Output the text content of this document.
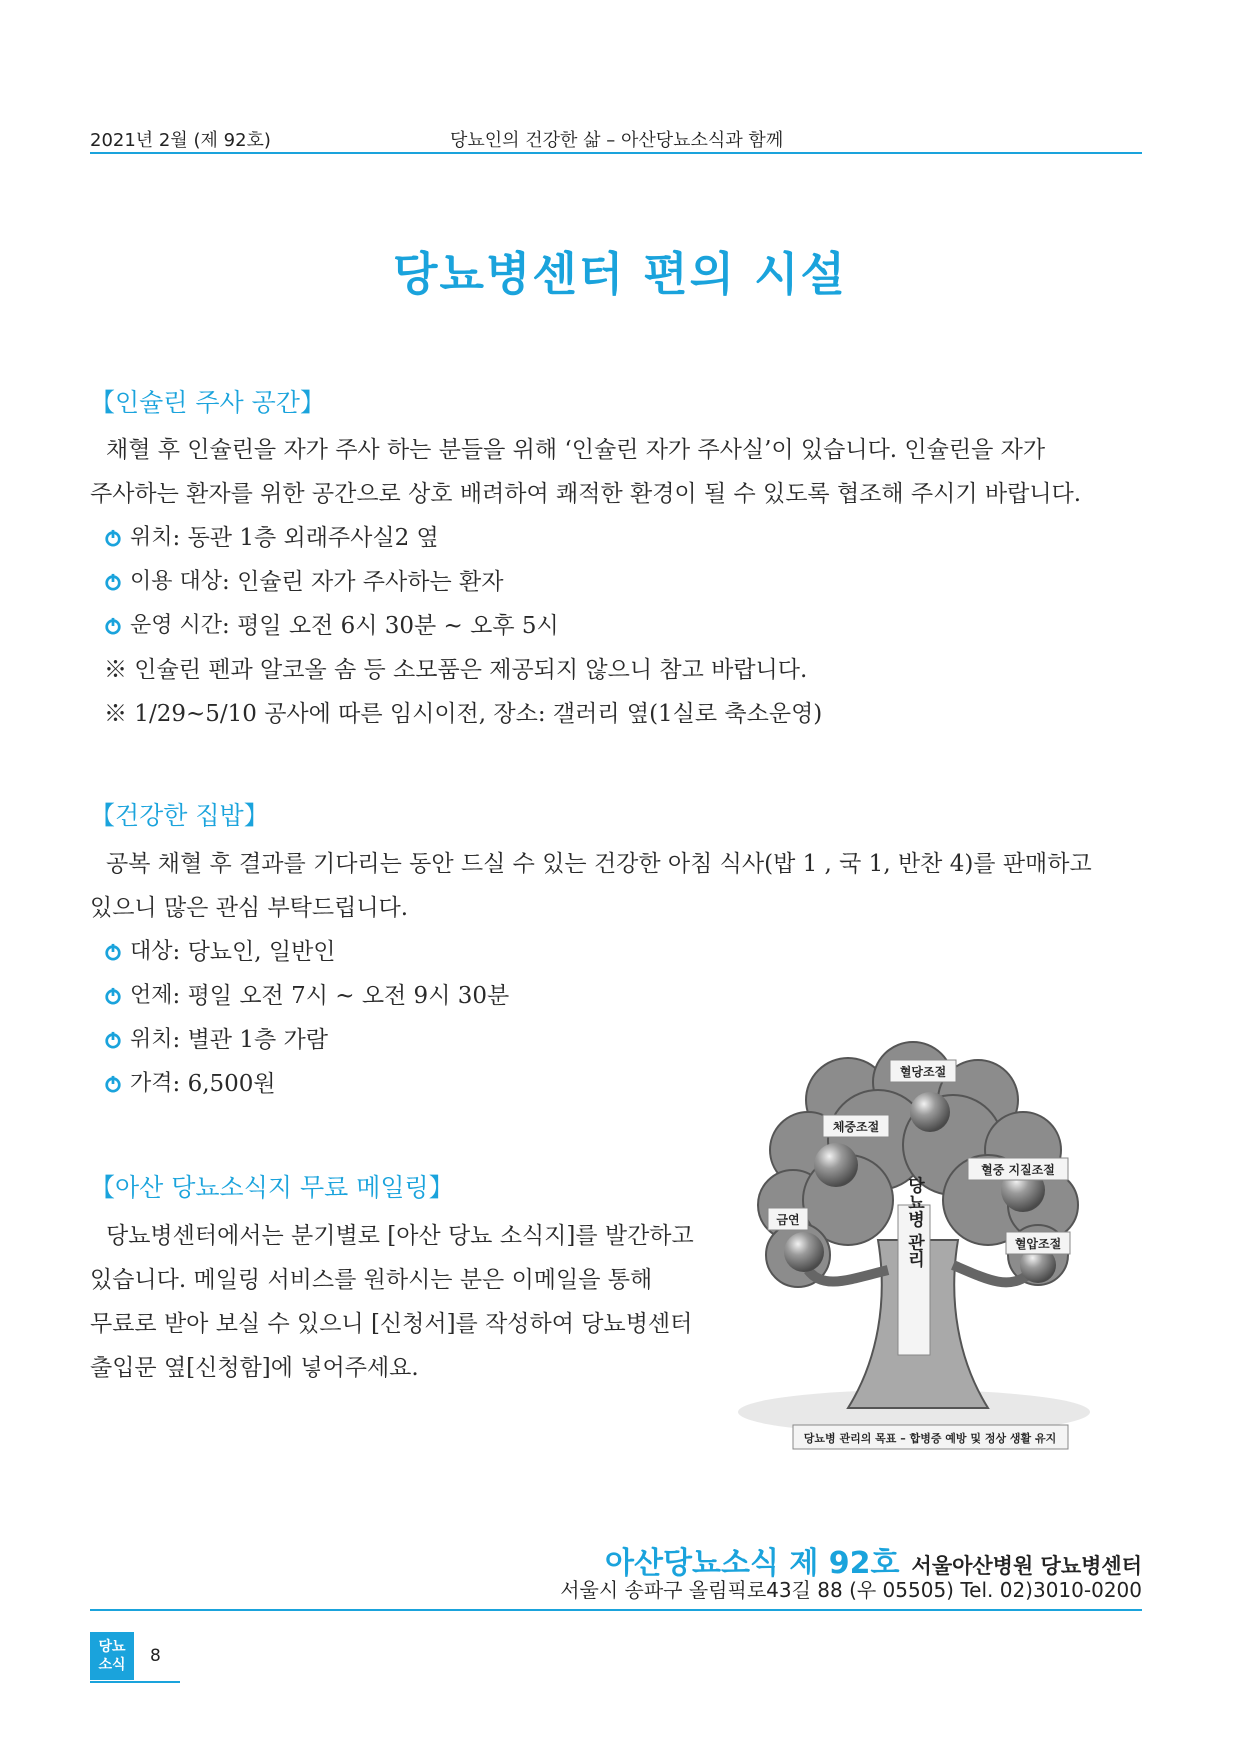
2021년 2월 (제 92호)	당뇨인의 건강한 삶 – 아산당뇨소식과 함께
당뇨병센터 편의 시설
【인슐린 주사 공간】

채혈 후 인슐린을 자가 주사 하는 분들을 위해 ‘인슐린 자가 주사실’이 있습니다. 인슐린을 자가

주사하는 환자를 위한 공간으로 상호 배려하여 쾌적한 환경이 될 수 있도록 협조해 주시기 바랍니다.

위치 : 동관 1층 외래주사실2 옆
이용 대상 : 인슐린 자가 주사하는 환자
운영 시간 : 평일 오전 6시 30분 ~ 오후 5시
※ 인슐린 펜과 알코올 솜 등 소모품은 제공되지 않으니 참고 바랍니다.
※ 1/29~5/10 공사에 따른 임시이전, 장소: 갤러리 옆(1실로 축소운영)
【건강한 집밥】

공복 채혈 후 결과를 기다리는 동안 드실 수 있는 건강한 아침 식사(밥 1 , 국 1, 반찬 4)를 판매하고

있으니 많은 관심 부탁드립니다.

대상 : 당뇨인, 일반인
언제 : 평일 오전 7시 ~ 오전 9시 30분
위치 : 별관 1층 가람
가격 : 6,500원
【아산 당뇨소식지 무료 메일링】

당뇨병센터에서는 분기별로 [아산 당뇨 소식지]를 발간하고

있습니다. 메일링 서비스를 원하시는 분은 이메일을 통해

무료로 받아 보실 수 있으니 [신청서]를 작성하여 당뇨병센터

출입문 옆[신청함]에 넣어주세요.

혈당조절
체중조절
혈중 지질조절
금연
혈압조절
당뇨병 관리
당뇨병 관리의 목표 – 합병증 예방 및 정상 생활 유지
아산당뇨소식 제 92호 서울아산병원 당뇨병센터
서울시 송파구 올림픽로43길 88 (우 05505) Tel. 02)3010-0200
당뇨
소식	8
